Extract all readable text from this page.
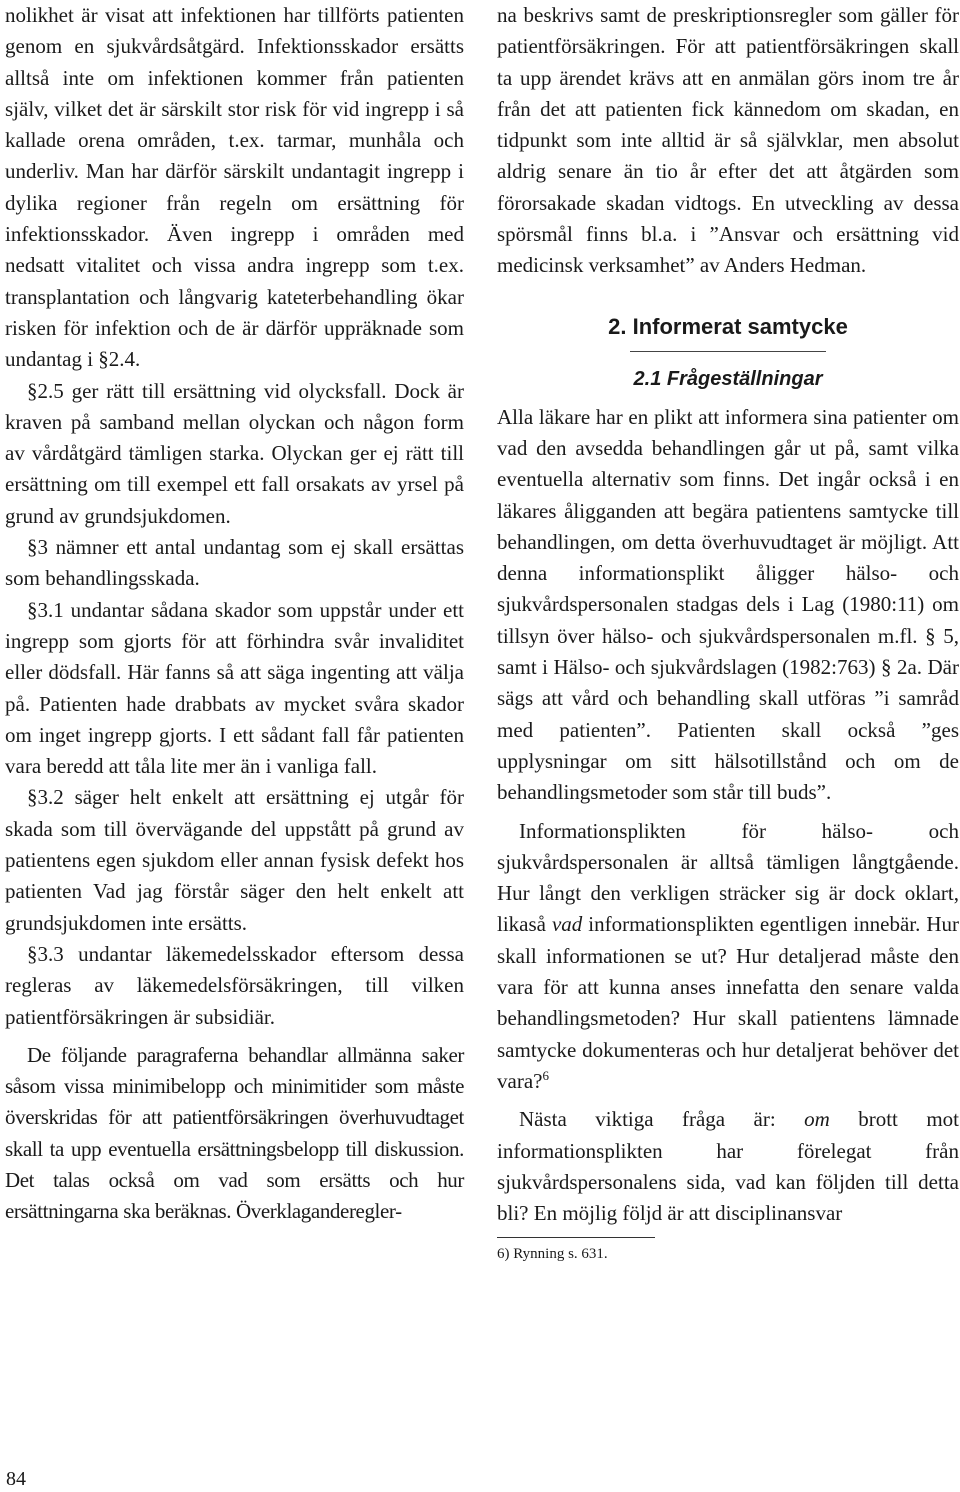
nolikhet är visat att infektionen har tillförts patienten genom en sjukvårdsåtgärd. Infektionsskador ersätts alltså inte om infektionen kommer från patienten själv, vilket det är särskilt stor risk för vid ingrepp i så kallade orena områden, t.ex. tarmar, munhåla och underliv. Man har därför särskilt undantagit ingrepp i dylika regioner från regeln om ersättning för infektionsskador. Även ingrepp i områden med nedsatt vitalitet och vissa andra ingrepp som t.ex. transplantation och långvarig kateterbehandling ökar risken för infektion och de är därför uppräknade som undantag i §2.4.

§2.5 ger rätt till ersättning vid olycksfall. Dock är kraven på samband mellan olyckan och någon form av vårdåtgärd tämligen starka. Olyckan ger ej rätt till ersättning om till exempel ett fall orsakats av yrsel på grund av grundsjukdomen.

§3 nämner ett antal undantag som ej skall ersättas som behandlingsskada.

§3.1 undantar sådana skador som uppstår under ett ingrepp som gjorts för att förhindra svår invaliditet eller dödsfall. Här fanns så att säga ingenting att välja på. Patienten hade drabbats av mycket svåra skador om inget ingrepp gjorts. I ett sådant fall får patienten vara beredd att tåla lite mer än i vanliga fall.

§3.2 säger helt enkelt att ersättning ej utgår för skada som till övervägande del uppstått på grund av patientens egen sjukdom eller annan fysisk defekt hos patienten Vad jag förstår säger den helt enkelt att grundsjukdomen inte ersätts.

§3.3 undantar läkemedelsskador eftersom dessa regleras av läkemedelsförsäkringen, till vilken patientförsäkringen är subsidiär.

De följande paragraferna behandlar allmänna saker såsom vissa minimibelopp och minimitider som måste överskridas för att patientförsäkringen överhuvudtaget skall ta upp eventuella ersättningsbelopp till diskussion. Det talas också om vad som ersätts och hur ersättningarna ska beräknas. Överklaganderegler-

na beskrivs samt de preskriptionsregler som gäller för patientförsäkringen. För att patientförsäkringen skall ta upp ärendet krävs att en anmälan görs inom tre år från det att patienten fick kännedom om skadan, en tidpunkt som inte alltid är så självklar, men absolut aldrig senare än tio år efter det att åtgärden som förorsakade skadan vidtogs. En utveckling av dessa spörsmål finns bl.a. i ”Ansvar och ersättning vid medicinsk verksamhet” av Anders Hedman.

2. Informerat samtycke
2.1 Frågeställningar

Alla läkare har en plikt att informera sina patienter om vad den avsedda behandlingen går ut på, samt vilka eventuella alternativ som finns. Det ingår också i en läkares åligganden att begära patientens samtycke till behandlingen, om detta överhuvudtaget är möjligt. Att denna informationsplikt åligger hälso- och sjukvårdspersonalen stadgas dels i Lag (1980:11) om tillsyn över hälso- och sjukvårdspersonalen m.fl. § 5, samt i Hälso- och sjukvårdslagen (1982:763) § 2a. Där sägs att vård och behandling skall utföras ”i samråd med patienten”. Patienten skall också ”ges upplysningar om sitt hälsotillstånd och om de behandlingsmetoder som står till buds”.

Informationsplikten för hälso- och sjukvårdspersonalen är alltså tämligen långtgående. Hur långt den verkligen sträcker sig är dock oklart, likaså vad informationsplikten egentligen innebär. Hur skall informationen se ut? Hur detaljerad måste den vara för att kunna anses innefatta den senare valda behandlingsmetoden? Hur skall patientens lämnade samtycke dokumenteras och hur detaljerat behöver det vara?$^6$

Nästa viktiga fråga är: om brott mot informationsplikten har förelegat från sjukvårdspersonalens sida, vad kan följden till detta bli? En möjlig följd är att disciplinansvar

6) Rynning s. 631.

84
